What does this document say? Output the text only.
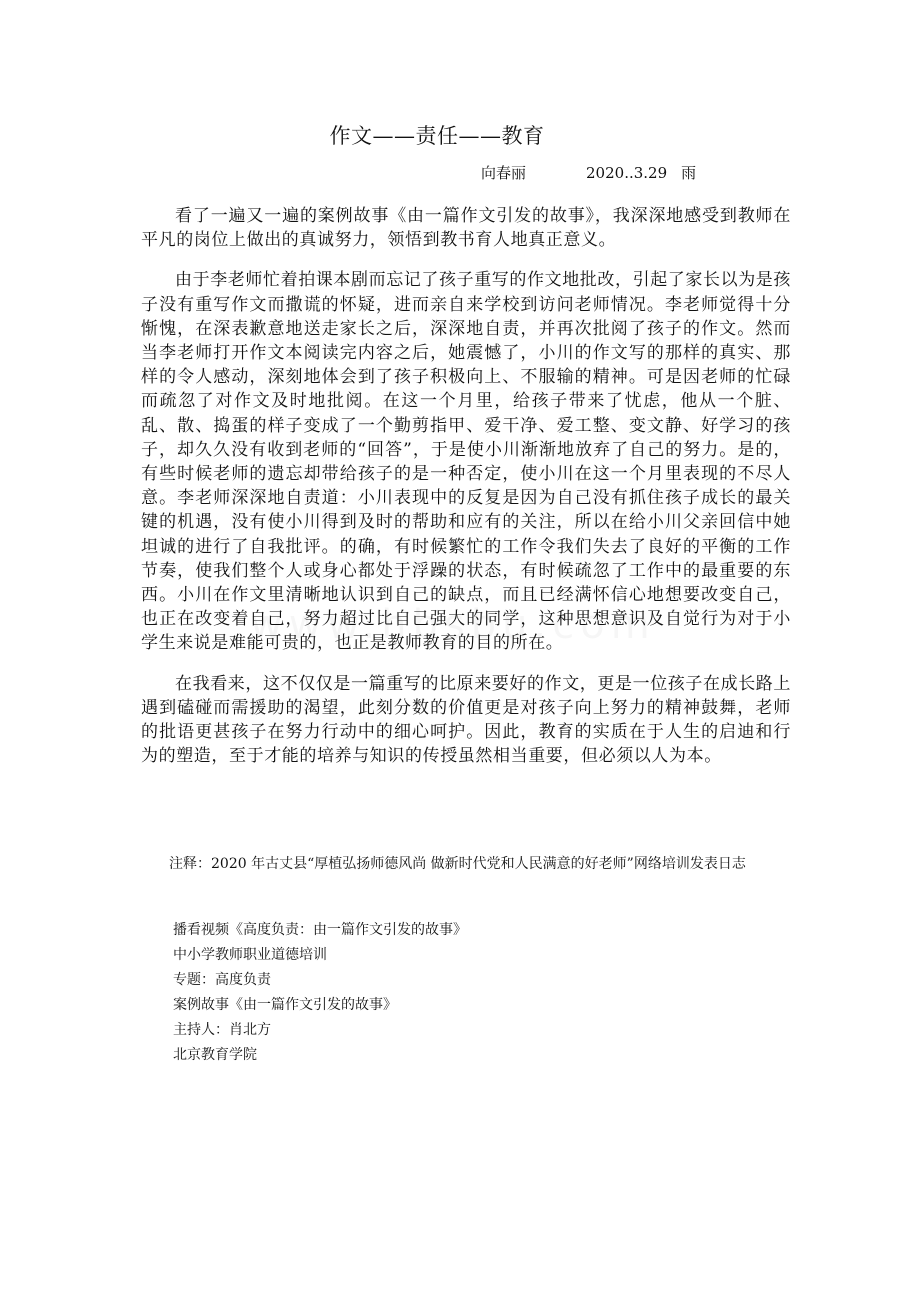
作文——责任——教育
向春丽	2020..3.29 雨

看了一遍又一遍的案例故事《由一篇作文引发的故事》，我深深地感受到教师在平凡的岗位上做出的真诚努力，领悟到教书育人地真正意义。

由于李老师忙着拍课本剧而忘记了孩子重写的作文地批改，引起了家长以为是孩子没有重写作文而撒谎的怀疑，进而亲自来学校到访问老师情况。李老师觉得十分惭愧，在深表歉意地送走家长之后，深深地自责，并再次批阅了孩子的作文。然而当李老师打开作文本阅读完内容之后，她震憾了，小川的作文写的那样的真实、那样的令人感动，深刻地体会到了孩子积极向上、不服输的精神。可是因老师的忙碌而疏忽了对作文及时地批阅。在这一个月里，给孩子带来了忧虑，他从一个脏、乱、散、捣蛋的样子变成了一个勤剪指甲、爱干净、爱工整、变文静、好学习的孩子，却久久没有收到老师的“回答”，于是使小川渐渐地放弃了自己的努力。是的，有些时候老师的遗忘却带给孩子的是一种否定，使小川在这一个月里表现的不尽人意。李老师深深地自责道：小川表现中的反复是因为自己没有抓住孩子成长的最关键的机遇，没有使小川得到及时的帮助和应有的关注，所以在给小川父亲回信中她坦诚的进行了自我批评。的确，有时候繁忙的工作令我们失去了良好的平衡的工作节奏，使我们整个人或身心都处于浮躁的状态，有时候疏忽了工作中的最重要的东西。小川在作文里清晰地认识到自己的缺点，而且已经满怀信心地想要改变自己，也正在改变着自己，努力超过比自己强大的同学，这种思想意识及自觉行为对于小学生来说是难能可贵的，也正是教师教育的目的所在。

在我看来，这不仅仅是一篇重写的比原来要好的作文，更是一位孩子在成长路上遇到磕碰而需援助的渴望，此刻分数的价值更是对孩子向上努力的精神鼓舞，老师的批语更甚孩子在努力行动中的细心呵护。因此，教育的实质在于人生的启迪和行为的塑造，至于才能的培养与知识的传授虽然相当重要，但必须以人为本。

注释：2020 年古丈县“厚植弘扬师德风尚 做新时代党和人民满意的好老师”网络培训发表日志
播看视频《高度负责：由一篇作文引发的故事》
中小学教师职业道德培训
专题：高度负责
案例故事《由一篇作文引发的故事》
主持人：肖北方
北京教育学院
